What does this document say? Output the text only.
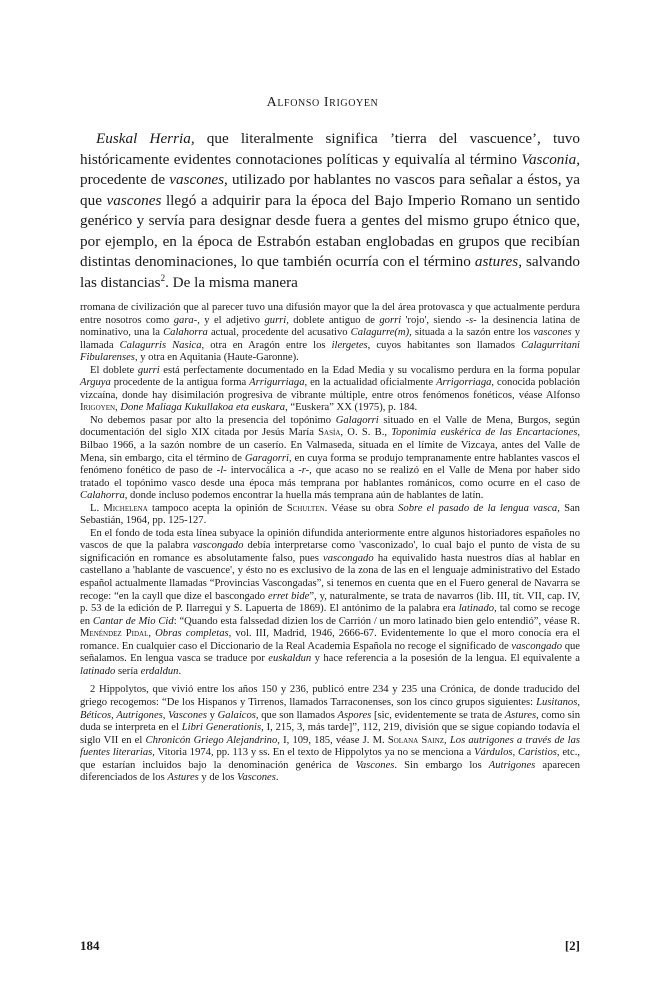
Alfonso Irigoyen

Euskal Herria, que literalmente significa ’tierra del vascuence’, tuvo históricamente evidentes connotaciones políticas y equivalía al término Vasconia, procedente de vascones, utilizado por hablantes no vascos para señalar a éstos, ya que vascones llegó a adquirir para la época del Bajo Imperio Romano un sentido genérico y servía para designar desde fuera a gentes del mismo grupo étnico que, por ejemplo, en la época de Estrabón estaban englobadas en grupos que recibían distintas denominaciones, lo que también ocurría con el término astures, salvando las distancias$^2$. De la misma manera

rromana de civilización que al parecer tuvo una difusión mayor que la del área protovasca y que actualmente perdura entre nosotros como gara-, y el adjetivo gurri, doblete antiguo de gorri 'rojo', siendo -s- la desinencia latina de nominativo, una la Calahorra actual, procedente del acusativo Calagurre(m), situada a la sazón entre los vascones y llamada Calagurris Nasica, otra en Aragón entre los ilergetes, cuyos habitantes son llamados Calagurritani Fibularenses, y otra en Aquitania (Haute-Garonne).

El doblete gurri está perfectamente documentado en la Edad Media y su vocalismo perdura en la forma popular Arguya procedente de la antigua forma Arrigurriaga, en la actualidad oficialmente Arrigorriaga, conocida población vizcaína, donde hay disimilación progresiva de vibrante múltiple, entre otros fenómenos fonéticos, véase Alfonso Irigoyen, Done Maliaga Kukullakoa eta euskara, “Euskera” XX (1975), p. 184.

No debemos pasar por alto la presencia del topónimo Galagorri situado en el Valle de Mena, Burgos, según documentación del siglo XIX citada por Jesús María Sasía, O. S. B., Toponimia euskérica de las Encartaciones, Bilbao 1966, a la sazón nombre de un caserío. En Valmaseda, situada en el límite de Vizcaya, antes del Valle de Mena, sin embargo, cita el término de Garagorri, en cuya forma se produjo tempranamente entre hablantes vascos el fenómeno fonético de paso de -l- intervocálica a -r-, que acaso no se realizó en el Valle de Mena por haber sido tratado el topónimo vasco desde una época más temprana por hablantes románicos, como ocurre en el caso de Calahorra, donde incluso podemos encontrar la huella más temprana aún de hablantes de latín.

L. Michelena tampoco acepta la opinión de Schulten. Véase su obra Sobre el pasado de la lengua vasca, San Sebastián, 1964, pp. 125-127.

En el fondo de toda esta línea subyace la opinión difundida anteriormente entre algunos historiadores españoles no vascos de que la palabra vascongado debía interpretarse como 'vasconizado', lo cual bajo el punto de vista de su significación en romance es absolutamente falso, pues vascongado ha equivalido hasta nuestros días al hablar en castellano a 'hablante de vascuence', y ésto no es exclusivo de la zona de las en el lenguaje administrativo del Estado español actualmente llamadas “Provincias Vascongadas”, si tenemos en cuenta que en el Fuero general de Navarra se recoge: “en la cayll que dize el bascongado erret bide”, y, naturalmente, se trata de navarros (lib. III, tít. VII, cap. IV, p. 53 de la edición de P. Ilarregui y S. Lapuerta de 1869). El antónimo de la palabra era latinado, tal como se recoge en Cantar de Mio Cid: “Quando esta falssedad dizien los de Carrión / un moro latinado bien gelo entendió”, véase R. Menéndez Pidal, Obras completas, vol. III, Madrid, 1946, 2666-67. Evidentemente lo que el moro conocía era el romance. En cualquier caso el Diccionario de la Real Academia Española no recoge el significado de vascongado que señalamos. En lengua vasca se traduce por euskaldun y hace referencia a la posesión de la lengua. El equivalente a latinado sería erdaldun.

2 Hippolytos, que vivió entre los años 150 y 236, publicó entre 234 y 235 una Crónica, de donde traducido del griego recogemos: “De los Hispanos y Tirrenos, llamados Tarraconenses, son los cinco grupos siguientes: Lusitanos, Béticos, Autrigones, Vascones y Galaicos, que son llamados Aspores [sic, evidentemente se trata de Astures, como sin duda se interpreta en el Libri Generationis, I, 215, 3, más tarde]”, 112, 219, división que se sigue copiando todavía el siglo VII en el Chronicón Griego Alejandrino, I, 109, 185, véase J. M. Solana Sainz, Los autrigones a través de las fuentes literarias, Vitoria 1974, pp. 113 y ss. En el texto de Hippolytos ya no se menciona a Várdulos, Caristios, etc., que estarían incluidos bajo la denominación genérica de Vascones. Sin embargo los Autrigones aparecen diferenciados de los Astures y de los Vascones.

184	[2]
